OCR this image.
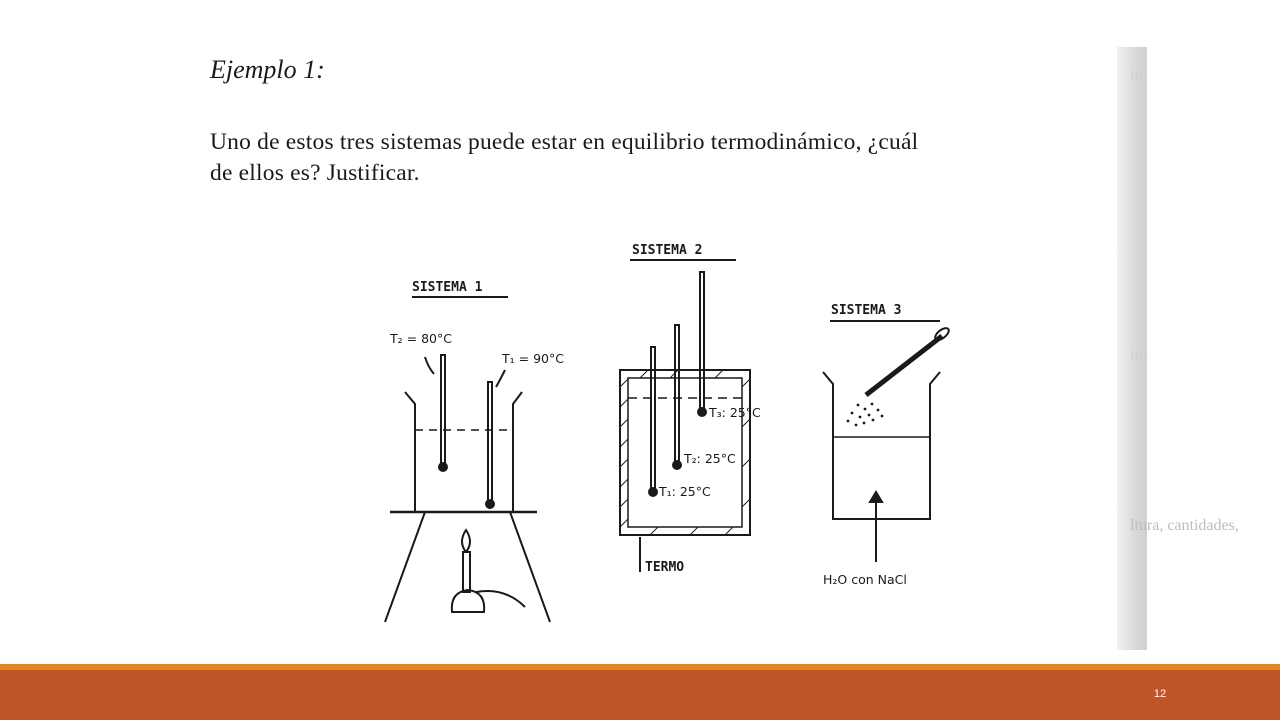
in
im
ltura, cantidades,
Ejemplo 1:
Uno de estos tres sistemas puede estar en equilibrio termodinámico, ¿cuál
de ellos es? Justificar.
SISTEMA 1
T₂ = 80°C
T₁ = 90°C
SISTEMA 2
T₃: 25°C
T₂: 25°C
T₁: 25°C
TERMO
SISTEMA 3
H₂O con NaCl
12
